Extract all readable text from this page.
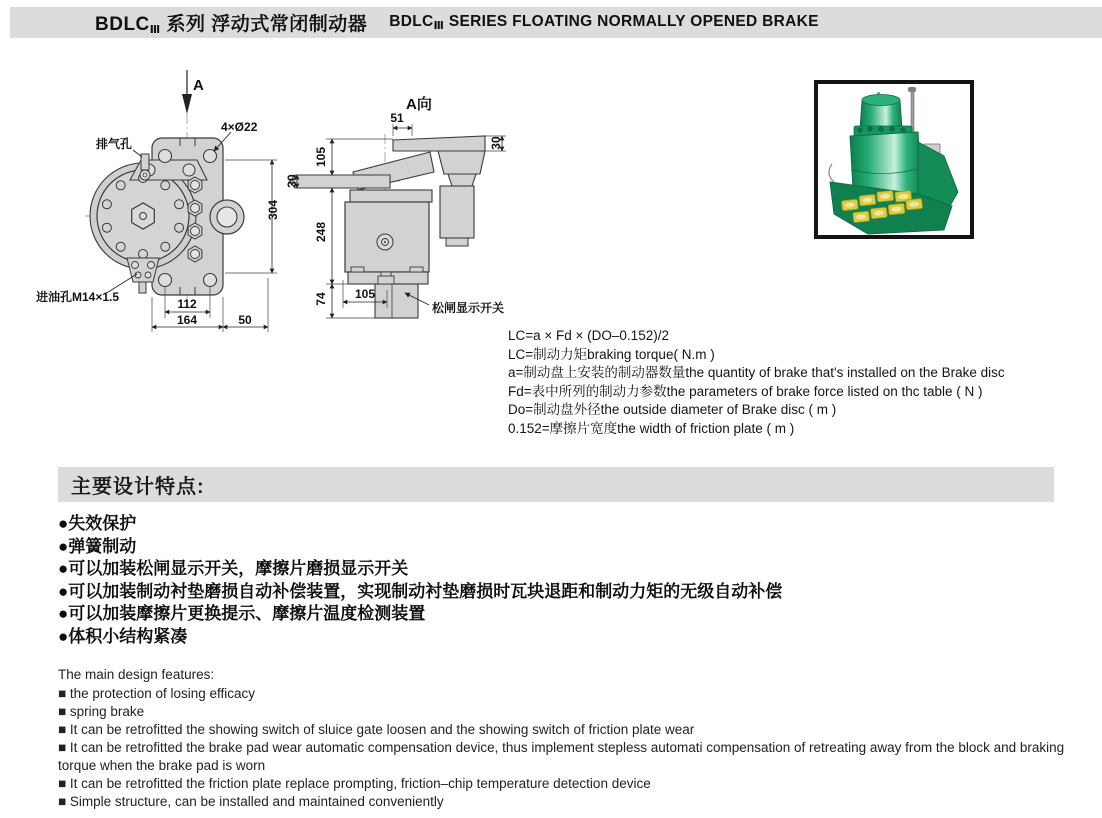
$BDLC_Ⅲ$ 系列 浮动式常闭制动器 $BDLC_Ⅲ$ SERIES FLOATING NORMALLY OPENED BRAKE
A
排气孔
4×Ø22
进油孔M14×1.5	112
164	50
304
A向
51
30
105
30
248
74	105
松闸显示开关
LC=a × Fd × (DO–0.152)/2
LC=制动力矩braking torque( N.m )
a=制动盘上安装的制动器数量the quantity of brake that's installed on the Brake disc
Fd=表中所列的制动力参数the parameters of brake force listed on thc table ( N )
Do=制动盘外径the outside diameter of Brake disc ( m )
0.152=摩擦片宽度the width of friction plate ( m )
主要设计特点:
●失效保护
●弹簧制动
●可以加装松闸显示开关，摩擦片磨损显示开关
●可以加装制动衬垫磨损自动补偿装置，实现制动衬垫磨损时瓦块退距和制动力矩的无级自动补偿
●可以加装摩擦片更换提示、摩擦片温度检测装置
●体积小结构紧凑
The main design features:
■ the protection of losing efficacy
■ spring brake
■ It can be retrofitted the showing switch of sluice gate loosen and the showing switch of friction plate wear
■ It can be retrofitted the brake pad wear automatic compensation device, thus implement stepless automati compensation of retreating away from the block and braking torque when the brake pad is worn
■ It can be retrofitted the friction plate replace prompting, friction–chip temperature detection device
■ Simple structure, can be installed and maintained conveniently
